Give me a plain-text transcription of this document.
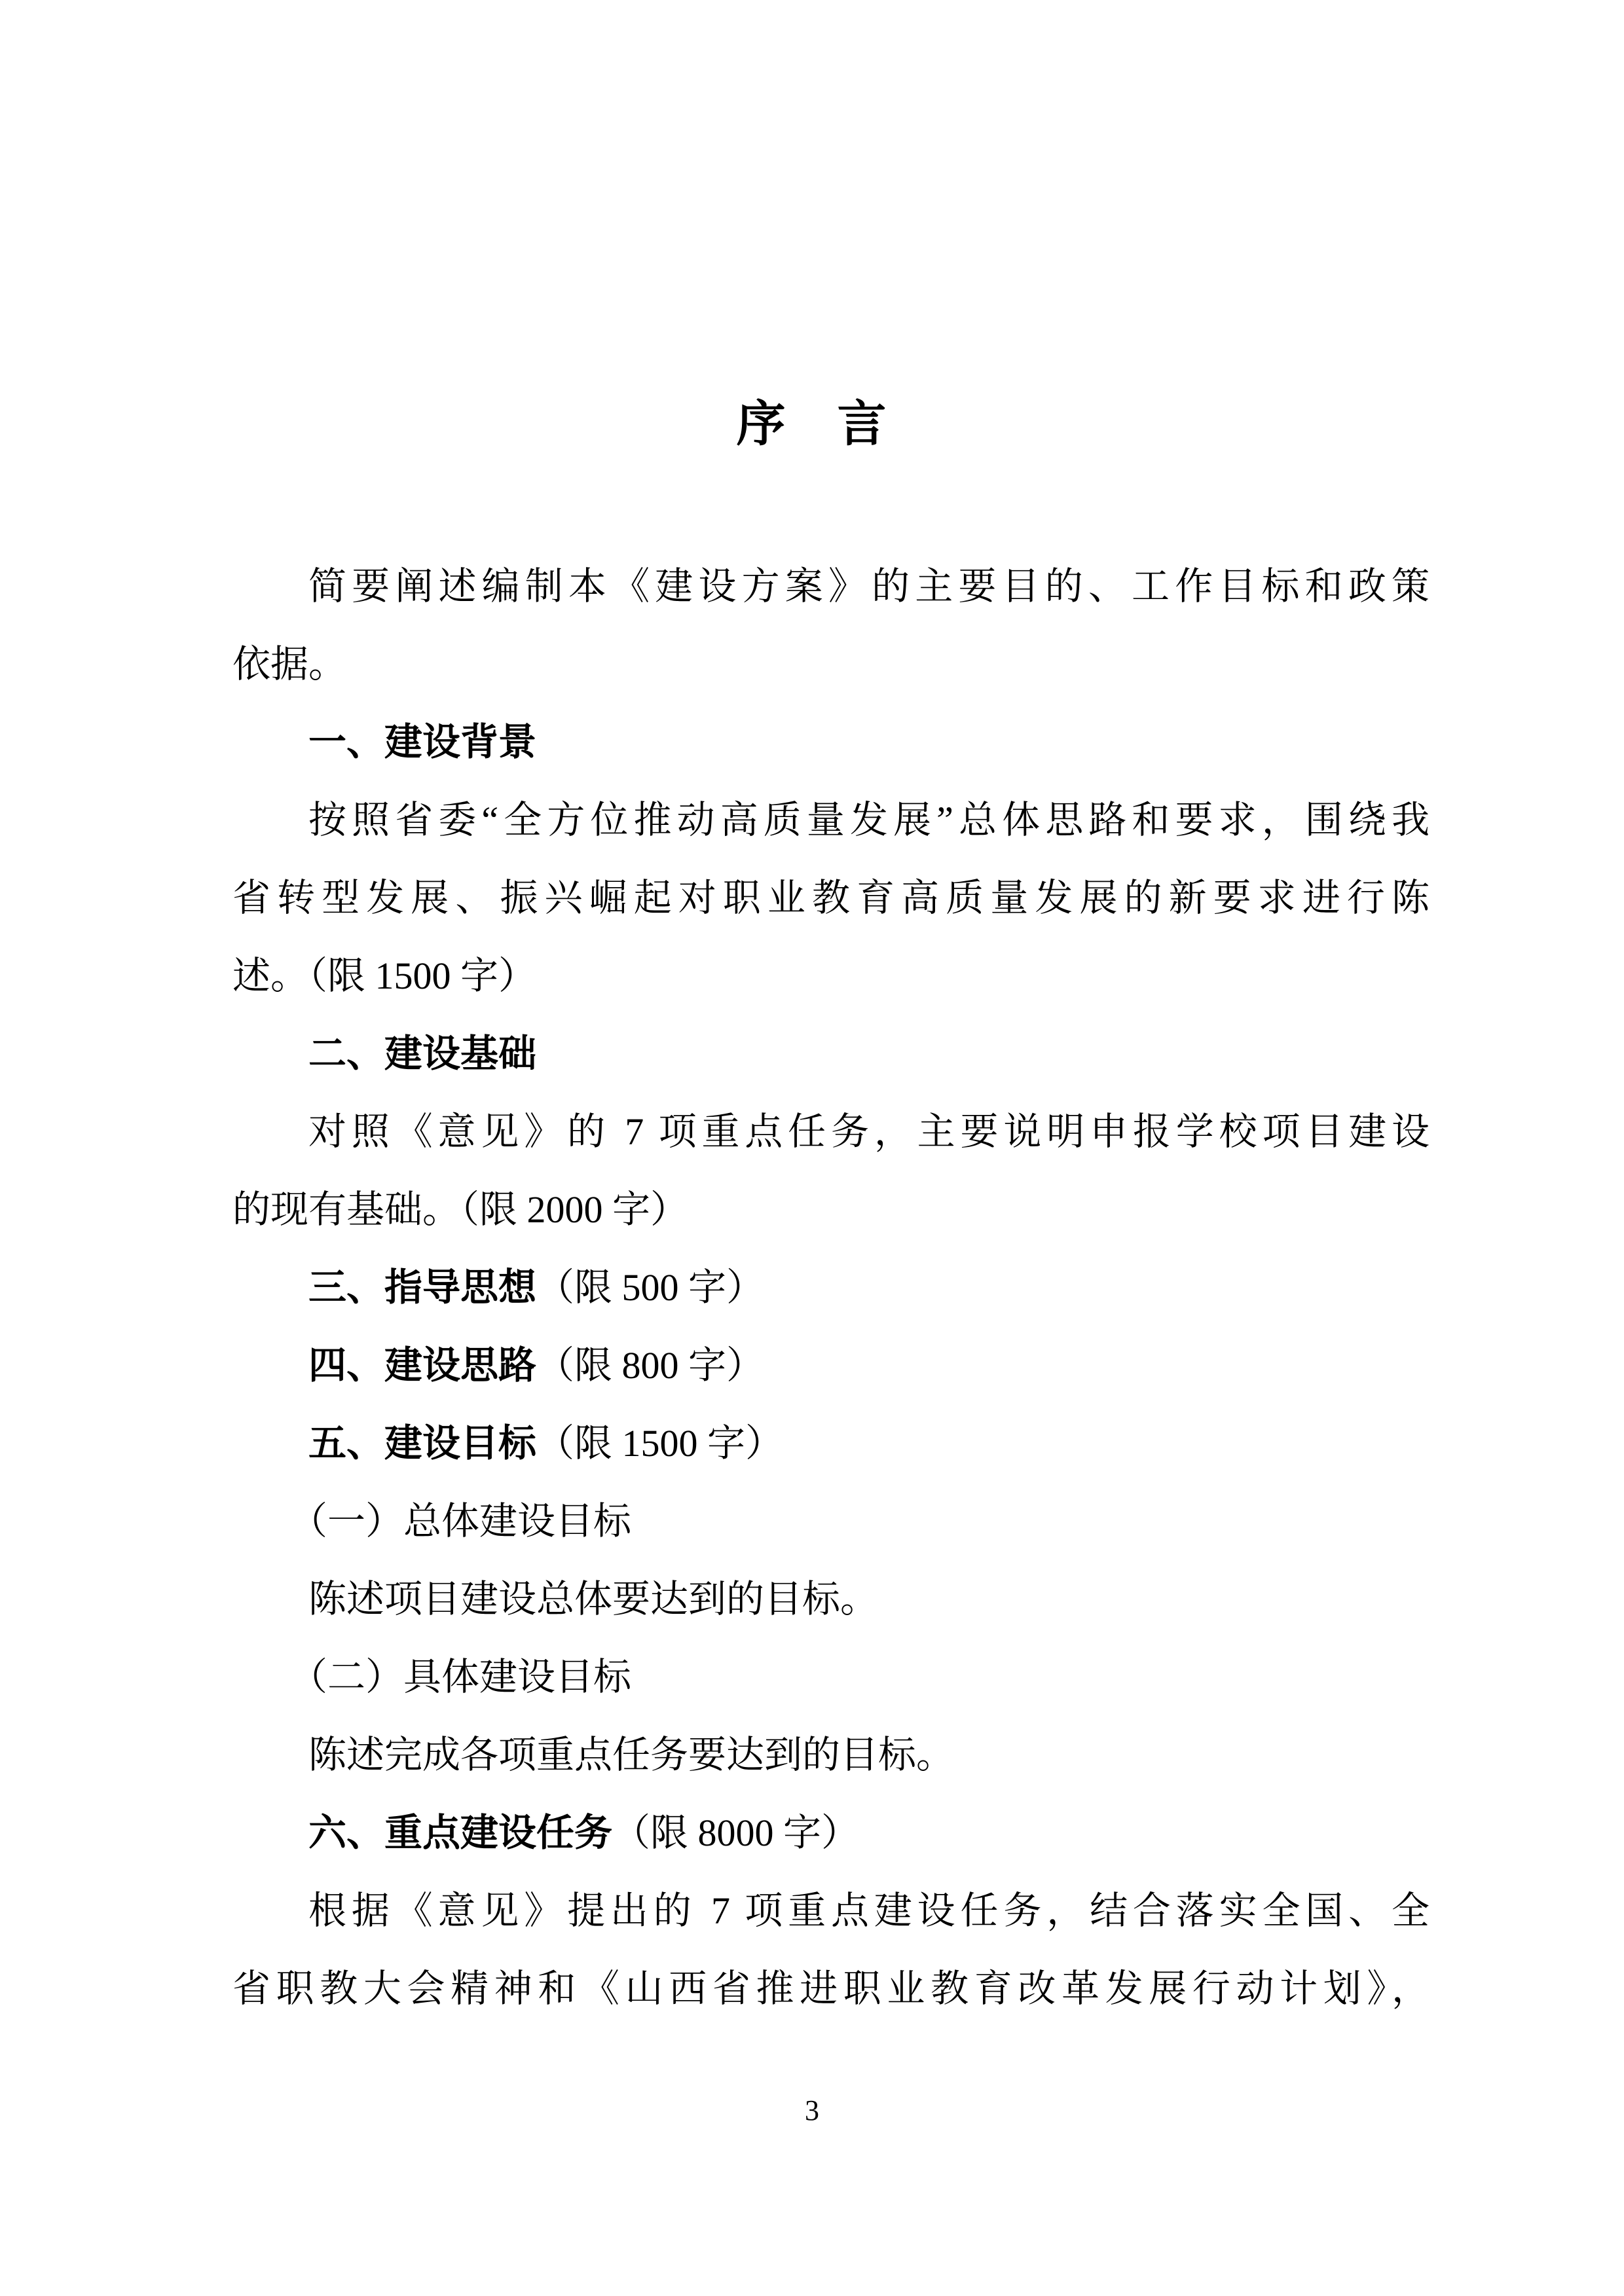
序　言
简要阐述编制本《建设方案》的主要目的、工作目标和政策
依据。
一、建设背景
按照省委“全方位推动高质量发展”总体思路和要求，围绕我
省转型发展、振兴崛起对职业教育高质量发展的新要求进行陈
述。（限 1500 字）
二、建设基础
对照《意见》的 7 项重点任务，主要说明申报学校项目建设
的现有基础。（限 2000 字）
三、指导思想（限 500 字）
四、建设思路（限 800 字）
五、建设目标（限 1500 字）
（一）总体建设目标
陈述项目建设总体要达到的目标。
（二）具体建设目标
陈述完成各项重点任务要达到的目标。
六、重点建设任务（限 8000 字）
根据《意见》提出的 7 项重点建设任务，结合落实全国、全
省职教大会精神和《山西省推进职业教育改革发展行动计划》，
3
